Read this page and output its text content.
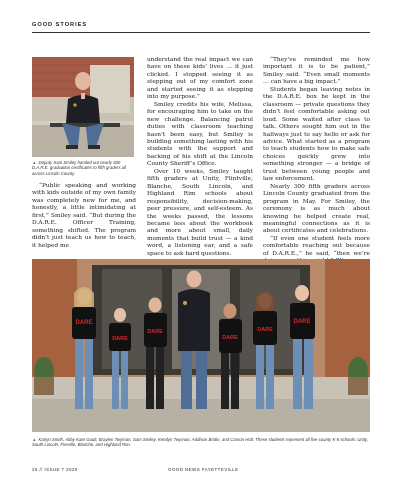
GOOD STORIES
▲ Deputy Sam Smiley handed out nearly 300 D.A.R.E. graduation certificates to fifth graders all across Lincoln County.

“Public speaking and working with kids outside of my own family was completely new for me, and honestly, a little intimidating at first,” Smiley said. “But during the D.A.R.E. Officer Training, something shifted. The program didn’t just teach us how to teach, it helped me

understand the real impact we can have on these kids’ lives … it just clicked. I stopped seeing it as stepping out of my comfort zone and started seeing it as stepping into my purpose.”

Smiley credits his wife, Melissa, for encouraging him to take on the new challenge. Balancing patrol duties with classroom teaching hasn’t been easy, but Smiley is building something lasting with his students with the support and backing of his shift at the Lincoln County Sheriff’s Office.

Over 10 weeks, Smiley taught fifth graders at Unity, Flintville, Blanche, South Lincoln, and Highland Rim schools about responsibility, decision-making, peer pressure, and self-esteem. As the weeks passed, the lessons became less about the workbook and more about small, daily moments that build trust — a kind word, a listening ear, and a safe space to ask hard questions.

“They’ve reminded me how important it is to be patient,” Smiley said. “Even small moments … can have a big impact.”

Students began leaving notes in the D.A.R.E. box he kept in the classroom — private questions they didn’t feel comfortable asking out loud. Some waited after class to talk. Others sought him out in the hallways just to say hello or ask for advice. What started as a program to teach students how to make safe choices quickly grew into something stronger — a bridge of trust between young people and law enforcement.

Nearly 300 fifth graders across Lincoln County graduated from the program in May. For Smiley, the ceremony is as much about knowing he helped create real, meaningful connections as it is about certificates and celebrations.

“If even one student feels more comfortable reaching out because of D.A.R.E.,” he said, “then we’re

DARE
DARE
DARE
DARE
DARE
DARE
▲ Karlyn Smith, Abby Kate Gault, Braylen Twyman, Sam Smiley, Kendyn Twyman, Addison Bridin, and Carson Holt. These students represent all five county K-8 schools: Unity, South Lincoln, Fireville, Blanche, and Highland Rim.
26 // ISSUE 7 2025	GOOD NEWS FAYETTEVILLE
